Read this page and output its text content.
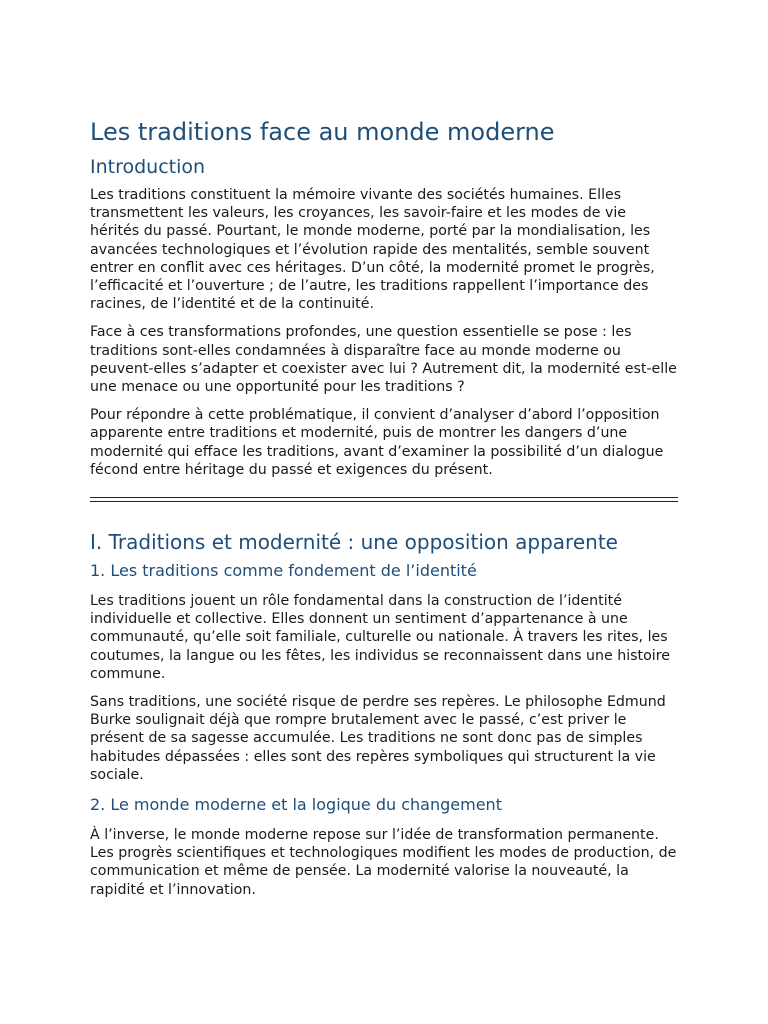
Les traditions face au monde moderne
Introduction

Les traditions constituent la mémoire vivante des sociétés humaines. Elles transmettent les valeurs, les croyances, les savoir-faire et les modes de vie hérités du passé. Pourtant, le monde moderne, porté par la mondialisation, les avancées technologiques et l’évolution rapide des mentalités, semble souvent entrer en conflit avec ces héritages. D’un côté, la modernité promet le progrès, l’efficacité et l’ouverture ; de l’autre, les traditions rappellent l’importance des racines, de l’identité et de la continuité.

Face à ces transformations profondes, une question essentielle se pose : les traditions sont-elles condamnées à disparaître face au monde moderne ou peuvent-elles s’adapter et coexister avec lui ? Autrement dit, la modernité est-elle une menace ou une opportunité pour les traditions ?

Pour répondre à cette problématique, il convient d’analyser d’abord l’opposition apparente entre traditions et modernité, puis de montrer les dangers d’une modernité qui efface les traditions, avant d’examiner la possibilité d’un dialogue fécond entre héritage du passé et exigences du présent.

I. Traditions et modernité : une opposition apparente
1. Les traditions comme fondement de l’identité

Les traditions jouent un rôle fondamental dans la construction de l’identité individuelle et collective. Elles donnent un sentiment d’appartenance à une communauté, qu’elle soit familiale, culturelle ou nationale. À travers les rites, les coutumes, la langue ou les fêtes, les individus se reconnaissent dans une histoire commune.

Sans traditions, une société risque de perdre ses repères. Le philosophe Edmund Burke soulignait déjà que rompre brutalement avec le passé, c’est priver le présent de sa sagesse accumulée. Les traditions ne sont donc pas de simples habitudes dépassées : elles sont des repères symboliques qui structurent la vie sociale.

2. Le monde moderne et la logique du changement

À l’inverse, le monde moderne repose sur l’idée de transformation permanente. Les progrès scientifiques et technologiques modifient les modes de production, de communication et même de pensée. La modernité valorise la nouveauté, la rapidité et l’innovation.
